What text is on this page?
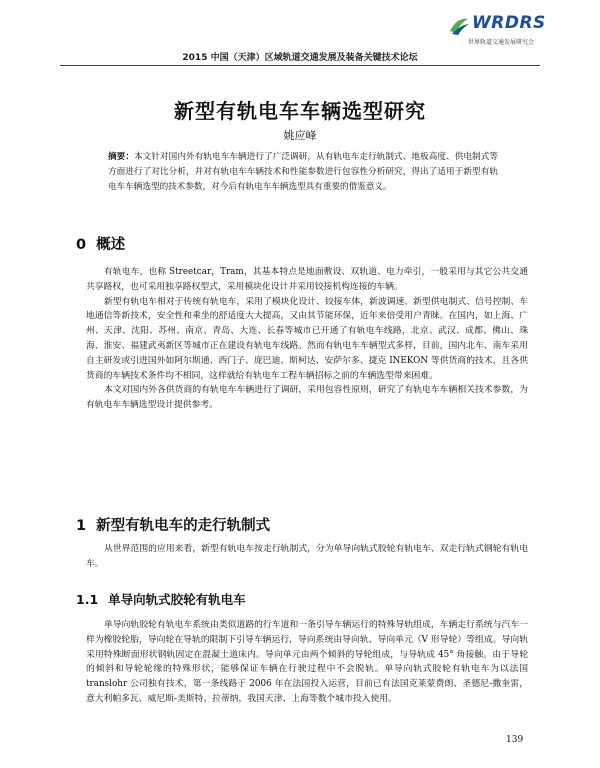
WRDRS
世界轨道交通发展研究会
2015 中国（天津）区域轨道交通发展及装备关键技术论坛
新型有轨电车车辆选型研究
姚应峰
摘要：本文针对国内外有轨电车车辆进行了广泛调研，从有轨电车走行轨制式、地板高度、供电制式等方面进行了对比分析，并对有轨电车车辆技术和性能参数进行包容性分析研究，得出了适用于新型有轨电车车辆选型的技术参数，对今后有轨电车车辆选型具有重要的借鉴意义。
0 概述

有轨电车，也称 Streetcar，Tram，其基本特点是地面敷设、双轨道、电力牵引，一般采用与其它公共交通共享路权，也可采用独享路权型式，采用模块化设计并采用铰接机构连接的车辆。

新型有轨电车相对于传统有轨电车，采用了模块化设计、铰接车体，新波调速、新型供电制式、信号控制、车地通信等新技术，安全性和乘坐的舒适度大大提高，又由其节能环保，近年来倍受用户青睐。在国内，如上海、广州、天津、沈阳、苏州、南京、青岛、大连、长春等城市已开通了有轨电车线路，北京、武汉、成都、佛山、珠海、淮安、福建武夷新区等城市正在建设有轨电车线路。然而有轨电车车辆型式多样，目前，国内北车、南车采用自主研发或引进国外如阿尔斯通、西门子、庞巴迪、斯柯达、安萨尔多、捷克 INEKON 等供货商的技术，且各供货商的车辆技术条件均不相同，这样就给有轨电车工程车辆招标之前的车辆选型带来困难。

本文对国内外各供货商的有轨电车车辆进行了调研，采用包容性原则，研究了有轨电车车辆相关技术参数，为有轨电车车辆选型设计提供参考。

1 新型有轨电车的走行轨制式

从世界范围的应用来看，新型有轨电车按走行轨制式，分为单导向轨式胶轮有轨电车、双走行轨式钢轮有轨电车。

1.1 单导向轨式胶轮有轨电车

单导向轨胶轮有轨电车系统由类似道路的行车道和一条引导车辆运行的特殊导轨组成，车辆走行系统与汽车一样为橡胶轮胎，导向轮在导轨的限制下引导车辆运行，导向系统由导向轨、导向单元（V 形导轮）等组成。导向轨采用特殊断面形状钢轨固定在混凝土道床内。导向单元由两个倾斜的导轮组成，与导轨成 45° 角接触。由于导轮的倾斜和导轮轮缘的特殊形状，能够保证车辆在行驶过程中不会脱轨。单导向轨式胶轮有轨电车为以法国 translohr 公司独有技术，第一条线路于 2006 年在法国投入运营，目前已有法国克莱蒙费朗、圣德尼-撒奎雷，意大利帕多瓦、威尼斯-美斯特、拉蒂纳，我国天津、上海等数个城市投入使用。

139
